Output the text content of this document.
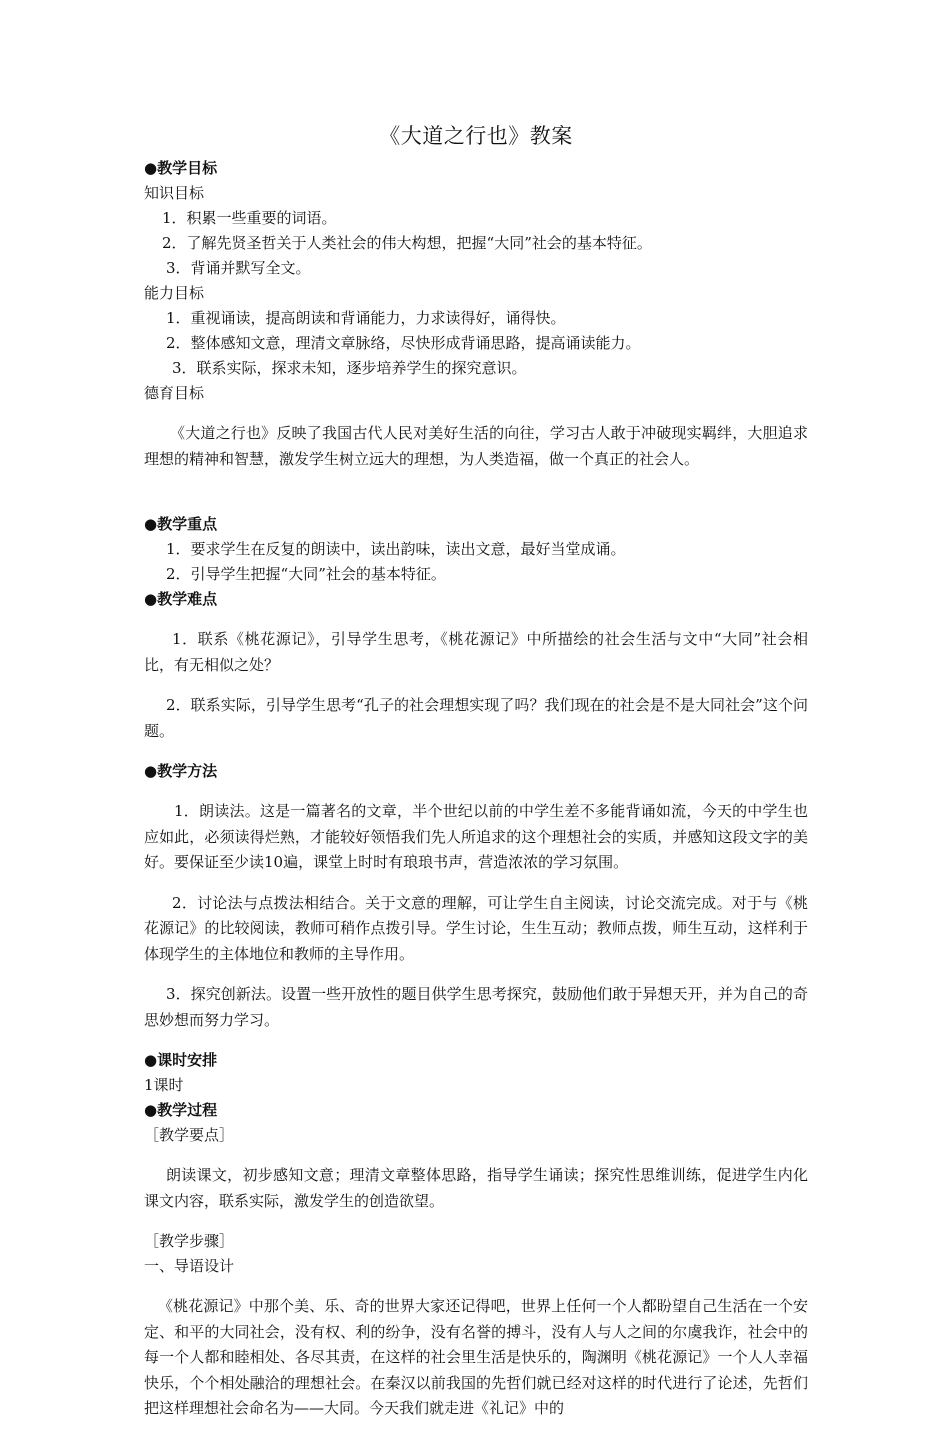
《大道之行也》教案

●教学目标

知识目标

1．积累一些重要的词语。

2．了解先贤圣哲关于人类社会的伟大构想，把握“大同”社会的基本特征。

3．背诵并默写全文。

能力目标

1．重视诵读，提高朗读和背诵能力，力求读得好，诵得快。

2．整体感知文意，理清文章脉络，尽快形成背诵思路，提高诵读能力。

3．联系实际，探求未知，逐步培养学生的探究意识。

德育目标

《大道之行也》反映了我国古代人民对美好生活的向往，学习古人敢于冲破现实羁绊，大胆追求理想的精神和智慧，激发学生树立远大的理想，为人类造福，做一个真正的社会人。

●教学重点

1．要求学生在反复的朗读中，读出韵味，读出文意，最好当堂成诵。

2．引导学生把握“大同”社会的基本特征。

●教学难点

1．联系《桃花源记》，引导学生思考，《桃花源记》中所描绘的社会生活与文中“大同”社会相比，有无相似之处？

2．联系实际，引导学生思考“孔子的社会理想实现了吗？我们现在的社会是不是大同社会”这个问题。

●教学方法

1．朗读法。这是一篇著名的文章，半个世纪以前的中学生差不多能背诵如流，今天的中学生也应如此，必须读得烂熟，才能较好领悟我们先人所追求的这个理想社会的实质，并感知这段文字的美好。要保证至少读10遍，课堂上时时有琅琅书声，营造浓浓的学习氛围。

2．讨论法与点拨法相结合。关于文意的理解，可让学生自主阅读，讨论交流完成。对于与《桃花源记》的比较阅读，教师可稍作点拨引导。学生讨论，生生互动；教师点拨，师生互动，这样利于体现学生的主体地位和教师的主导作用。

3．探究创新法。设置一些开放性的题目供学生思考探究，鼓励他们敢于异想天开，并为自己的奇思妙想而努力学习。

●课时安排

1课时

●教学过程

［教学要点］

朗读课文，初步感知文意；理清文章整体思路，指导学生诵读；探究性思维训练，促进学生内化课文内容，联系实际，激发学生的创造欲望。

［教学步骤］

一、导语设计

《桃花源记》中那个美、乐、奇的世界大家还记得吧，世界上任何一个人都盼望自己生活在一个安定、和平的大同社会，没有权、利的纷争，没有名誉的搏斗，没有人与人之间的尔虞我诈，社会中的每一个人都和睦相处、各尽其责，在这样的社会里生活是快乐的，陶渊明《桃花源记》一个人人幸福快乐，个个相处融洽的理想社会。在秦汉以前我国的先哲们就已经对这样的时代进行了论述，先哲们把这样理想社会命名为——大同。今天我们就走进《礼记》中的
